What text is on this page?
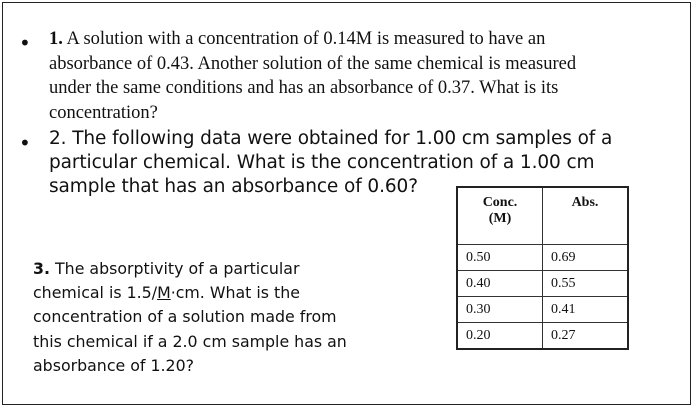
• 1. A solution with a concentration of 0.14M is measured to have an
absorbance of 0.43. Another solution of the same chemical is measured
under the same conditions and has an absorbance of 0.37. What is its
concentration?
• 2. The following data were obtained for 1.00 cm samples of a
particular chemical. What is the concentration of a 1.00 cm
sample that has an absorbance of 0.60?
3. The absorptivity of a particular
chemical is 1.5/M·cm. What is the
concentration of a solution made from
this chemical if a 2.0 cm sample has an
absorbance of 1.20?
Conc.
(M)	Abs.
0.50	0.69
0.40	0.55
0.30	0.41
0.20	0.27
